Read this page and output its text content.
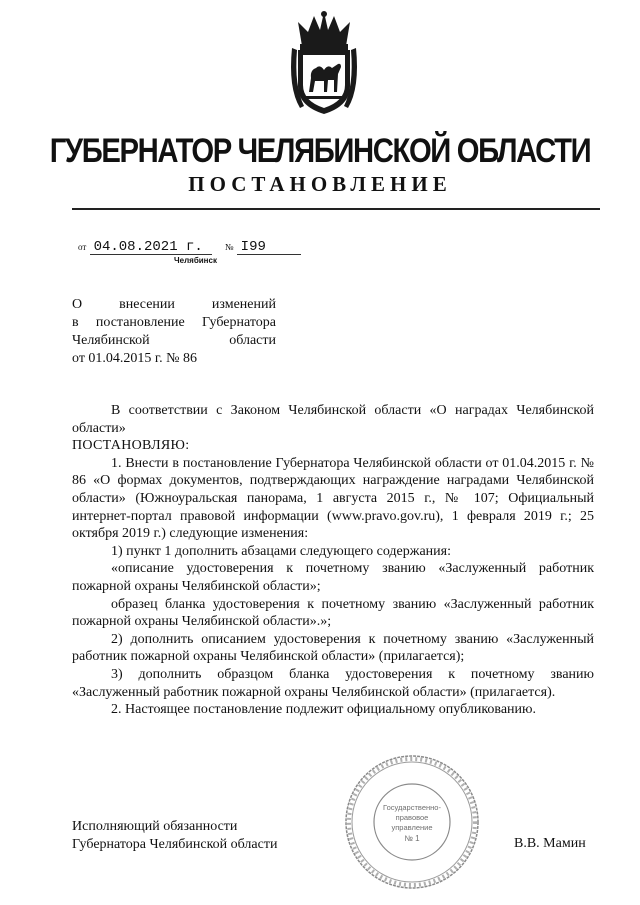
ГУБЕРНАТОР ЧЕЛЯБИНСКОЙ ОБЛАСТИ
ПОСТАНОВЛЕНИЕ
от 04.08.2021 г. № I99
Челябинск
О внесении изменений
в постановление Губернатора
Челябинской области
от 01.04.2015 г. № 86

В соответствии с Законом Челябинской области «О наградах Челябинской области»

ПОСТАНОВЛЯЮ:

1. Внести в постановление Губернатора Челябинской области от 01.04.2015 г. № 86 «О формах документов, подтверждающих награждение наградами Челябинской области» (Южноуральская панорама, 1 августа 2015 г., № 107; Официальный интернет-портал правовой информации (www.pravo.gov.ru), 1 февраля 2019 г.; 25 октября 2019 г.) следующие изменения:

1) пункт 1 дополнить абзацами следующего содержания:

«описание удостоверения к почетному званию «Заслуженный работник пожарной охраны Челябинской области»;

образец бланка удостоверения к почетному званию «Заслуженный работник пожарной охраны Челябинской области».»;

2) дополнить описанием удостоверения к почетному званию «Заслуженный работник пожарной охраны Челябинской области» (прилагается);

3) дополнить образцом бланка удостоверения к почетному званию «Заслуженный работник пожарной охраны Челябинской области» (прилагается).

2. Настоящее постановление подлежит официальному опубликованию.

Государственно-
правовое
управление
№ 1
Исполняющий обязанности
Губернатора Челябинской области	В.В. Мамин
